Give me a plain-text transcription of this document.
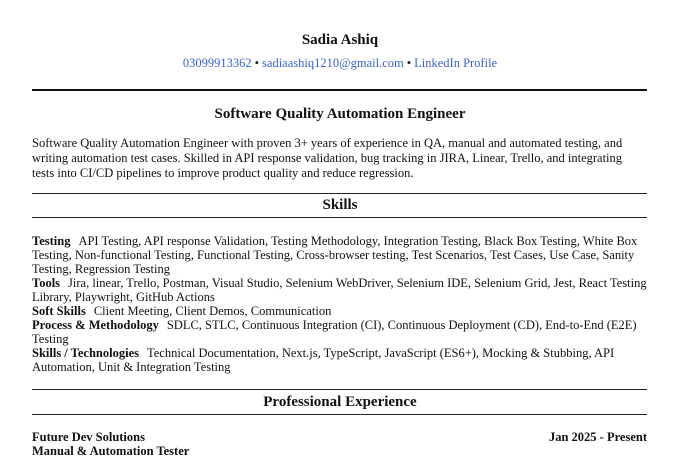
Sadia Ashiq
03099913362 • sadiaashiq1210@gmail.com • LinkedIn Profile
Software Quality Automation Engineer
Software Quality Automation Engineer with proven 3+ years of experience in QA, manual and automated testing, and writing automation test cases. Skilled in API response validation, bug tracking in JIRA, Linear, Trello, and integrating tests into CI/CD pipelines to improve product quality and reduce regression.
Skills

Testing API Testing, API response Validation, Testing Methodology, Integration Testing, Black Box Testing, White Box Testing, Non-functional Testing, Functional Testing, Cross-browser testing, Test Scenarios, Test Cases, Use Case, Sanity Testing, Regression Testing

Tools Jira, linear, Trello, Postman, Visual Studio, Selenium WebDriver, Selenium IDE, Selenium Grid, Jest, React Testing Library, Playwright, GitHub Actions

Soft Skills Client Meeting, Client Demos, Communication

Process & Methodology SDLC, STLC, Continuous Integration (CI), Continuous Deployment (CD), End-to-End (E2E) Testing

Skills / Technologies Technical Documentation, Next.js, TypeScript, JavaScript (ES6+), Mocking & Stubbing, API Automation, Unit & Integration Testing

Professional Experience
Future Dev Solutions	Jan 2025 - Present
Manual & Automation Tester
